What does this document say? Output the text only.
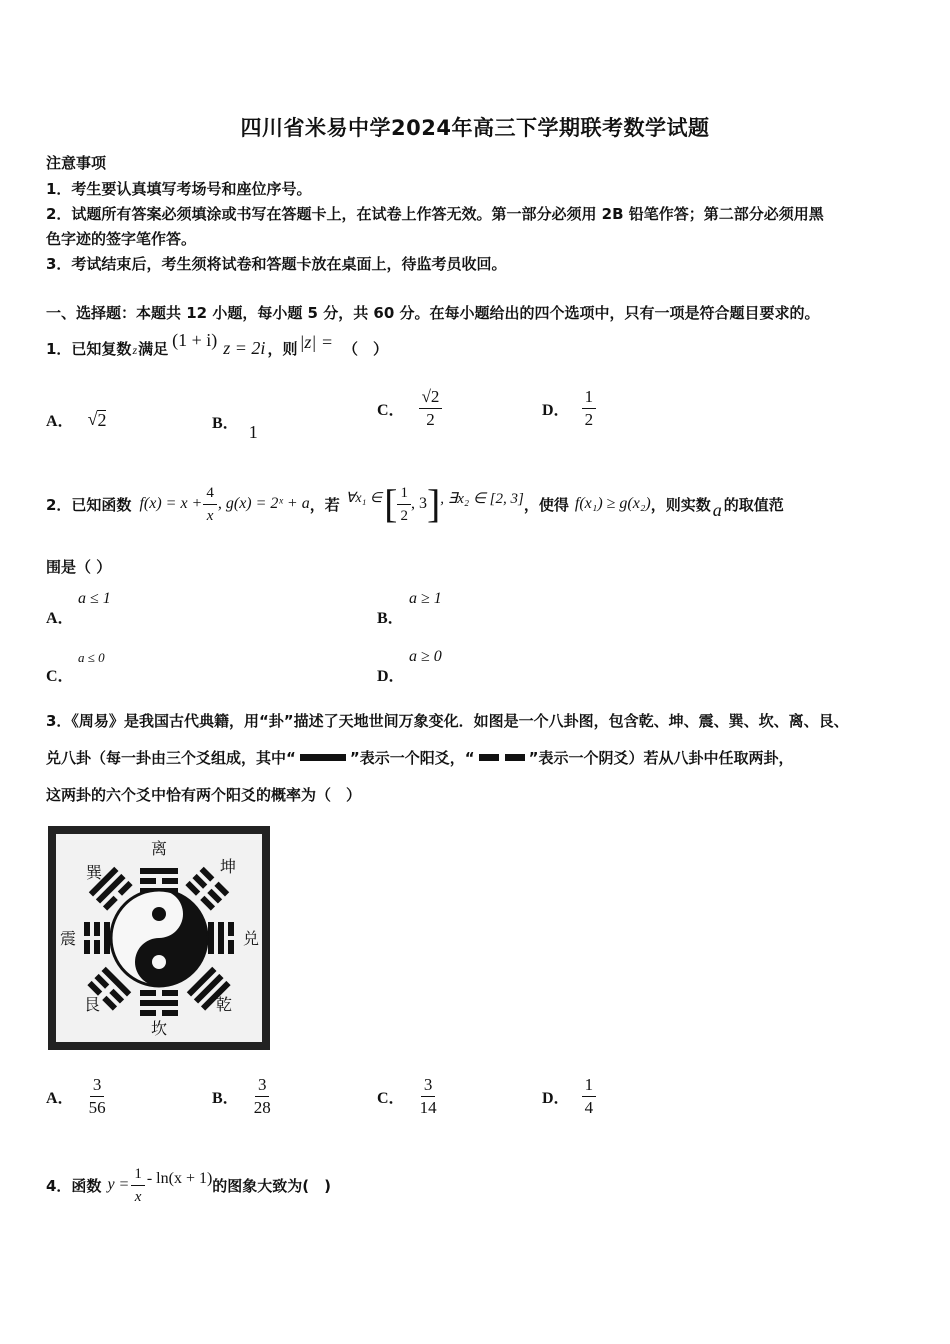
四川省米易中学2024年高三下学期联考数学试题
注意事项
1．考生要认真填写考场号和座位序号。
2．试题所有答案必须填涂或书写在答题卡上，在试卷上作答无效。第一部分必须用 2B 铅笔作答；第二部分必须用黑
色字迹的签字笔作答。
3．考试结束后，考生须将试卷和答题卡放在桌面上，待监考员收回。
一、选择题：本题共 12 小题，每小题 5 分，共 60 分。在每小题给出的四个选项中，只有一项是符合题目要求的。
1．已知复数 z 满足 (1 + i) z = 2i ，则 |z| = （　）
A． √ 2	B． 1
C． $\frac{√2}{2}$	D． $\frac{1}{2}$
2．已知函数 $f(x) = x + \frac{4}{x}$ , g(x) = 2ˣ + a ，若 ∀x₁ ∈ [ $\frac{1}{2}$ , 3 ] , ∃x₂ ∈ [2, 3] ，使得 f(x₁) ≥ g(x₂) ，则实数 a 的取值范
围是（ ）
A．
a ≤ 1
B．
a ≥ 1
C．
a ≤ 0
D．
a ≥ 0
3．《周易》是我国古代典籍，用“卦”描述了天地世间万象变化．如图是一个八卦图，包含乾、坤、震、巽、坎、离、艮、
兑八卦（每一卦由三个爻组成，其中“	”表示一个阳爻，“	”表示一个阴爻）若从八卦中任取两卦，
这两卦的六个爻中恰有两个阳爻的概率为（　）
离
巽	坤
震	兑
艮	乾
坎
A． $\frac{3}{56}$	B． $\frac{3}{28}$	C． $\frac{3}{14}$	D． $\frac{1}{4}$
4．函数 $y = \frac{1}{x} - \ln(x + 1)$ 的图象大致为(　)
